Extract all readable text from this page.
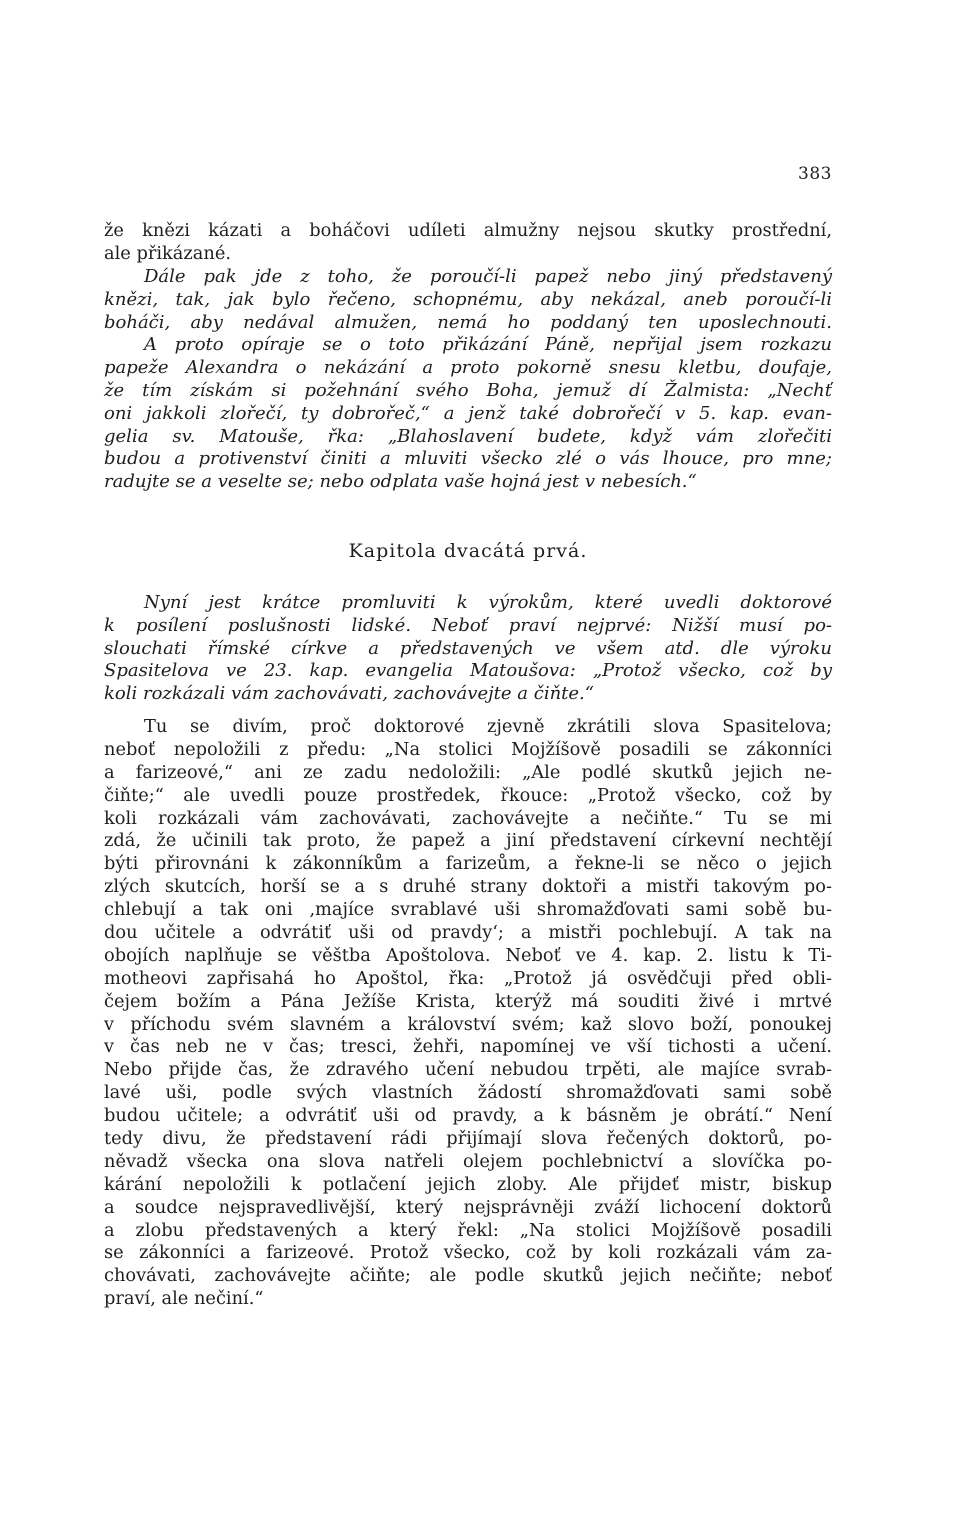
383

že knězi kázati a boháčovi udíleti almužny nejsou skutky prostřední,
ale přikázané.
Dále pak jde z toho, že poroučí-li papež nebo jiný představený
knězi, tak, jak bylo řečeno, schopnému, aby nekázal, aneb poroučí-li
boháči, aby nedával almužen, nemá ho poddaný ten uposlechnouti.
A proto opíraje se o toto přikázání Páně, nepřijal jsem rozkazu
papeže Alexandra o nekázání a proto pokorně snesu kletbu, doufaje,
že tím získám si požehnání svého Boha, jemuž dí Žalmista: „Nechť
oni jakkoli zlořečí, ty dobrořeč,“ a jenž také dobrořečí v 5. kap. evan-
gelia sv. Matouše, řka: „Blahoslavení budete, když vám zlořečiti
budou a protivenství činiti a mluviti všecko zlé o vás lhouce, pro mne;
radujte se a veselte se; nebo odplata vaše hojná jest v nebesích.“
Kapitola dvacátá prvá.
Nyní jest krátce promluviti k výrokům, které uvedli doktorové
k posílení poslušnosti lidské. Neboť praví nejprvé: Nižší musí po-
slouchati římské církve a představených ve všem atd. dle výroku
Spasitelova ve 23. kap. evangelia Matoušova: „Protož všecko, což by
koli rozkázali vám zachovávati, zachovávejte a čiňte.“
Tu se divím, proč doktorové zjevně zkrátili slova Spasitelova;
neboť nepoložili z předu: „Na stolici Mojžíšově posadili se zákonníci
a farizeové,“ ani ze zadu nedoložili: „Ale podlé skutků jejich ne-
čiňte;“ ale uvedli pouze prostředek, řkouce: „Protož všecko, což by
koli rozkázali vám zachovávati, zachovávejte a nečiňte.“ Tu se mi
zdá, že učinili tak proto, že papež a jiní představení církevní nechtějí
býti přirovnáni k zákonníkům a farizeům, a řekne-li se něco o jejich
zlých skutcích, horší se a s druhé strany doktoři a mistři takovým po-
chlebují a tak oni ‚majíce svrablavé uši shromažďovati sami sobě bu-
dou učitele a odvrátiť uši od pravdy‘; a mistři pochlebují. A tak na
obojích naplňuje se věštba Apoštolova. Neboť ve 4. kap. 2. listu k Ti-
motheovi zapřisahá ho Apoštol, řka: „Protož já osvědčuji před obli-
čejem božím a Pána Ježíše Krista, kterýž má souditi živé i mrtvé
v příchodu svém slavném a království svém; kaž slovo boží, ponoukej
v čas neb ne v čas; tresci, žehři, napomínej ve vší tichosti a učení.
Nebo přijde čas, že zdravého učení nebudou trpěti, ale majíce svrab-
lavé uši, podle svých vlastních žádostí shromažďovati sami sobě
budou učitele; a odvrátiť uši od pravdy, a k básněm je obrátí.“ Není
tedy divu, že představení rádi přijímají slova řečených doktorů, po-
něvadž všecka ona slova natřeli olejem pochlebnictví a slovíčka po-
kárání nepoložili k potlačení jejich zloby. Ale přijdeť mistr, biskup
a soudce nejspravedlivější, který nejsprávněji zváží lichocení doktorů
a zlobu představených a který řekl: „Na stolici Mojžíšově posadili
se zákonníci a farizeové. Protož všecko, což by koli rozkázali vám za-
chovávati, zachovávejte ačiňte; ale podle skutků jejich nečiňte; neboť
praví, ale nečiní.“
